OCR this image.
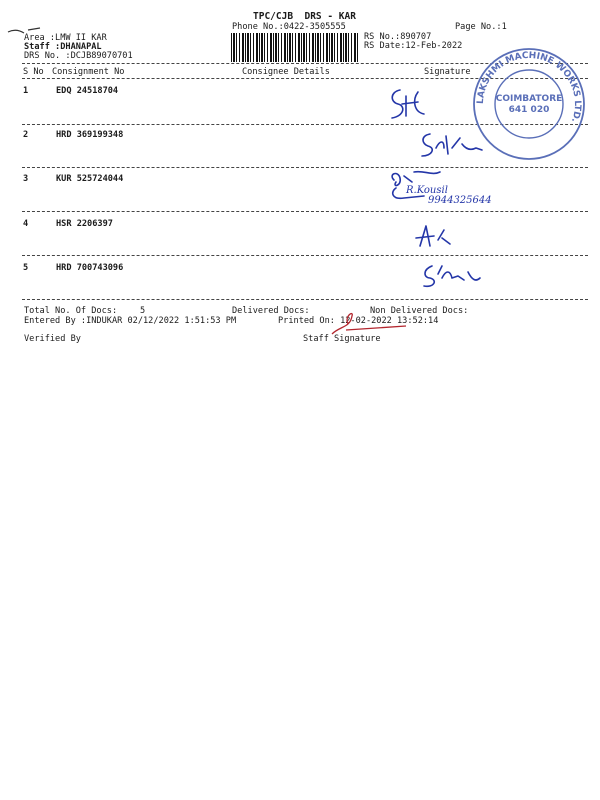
TPC/CJB  DRS - KAR
Phone No.:0422-3505555	Page No.:1
Area :LMW II KAR
Staff :DHANAPAL
DRS No. :DCJB89070701
RS No.:890707
RS Date:12-Feb-2022
S No Consignment No	Consignee Details	Signature
1	EDQ 24518704
2	HRD 369199348
3	KUR 525724044
4	HSR 2206397
5	HRD 700743096
R.Kousil
9944325644
LAKSHMI MACHINE WORKS LTD.
COIMBATORE
641 020
Total No. Of Docs:	5	Delivered Docs:	Non Delivered Docs:
Entered By :INDUKAR 02/12/2022 1:51:53 PM	Printed On: 12-02-2022 13:52:14
Verified By	Staff Signature
